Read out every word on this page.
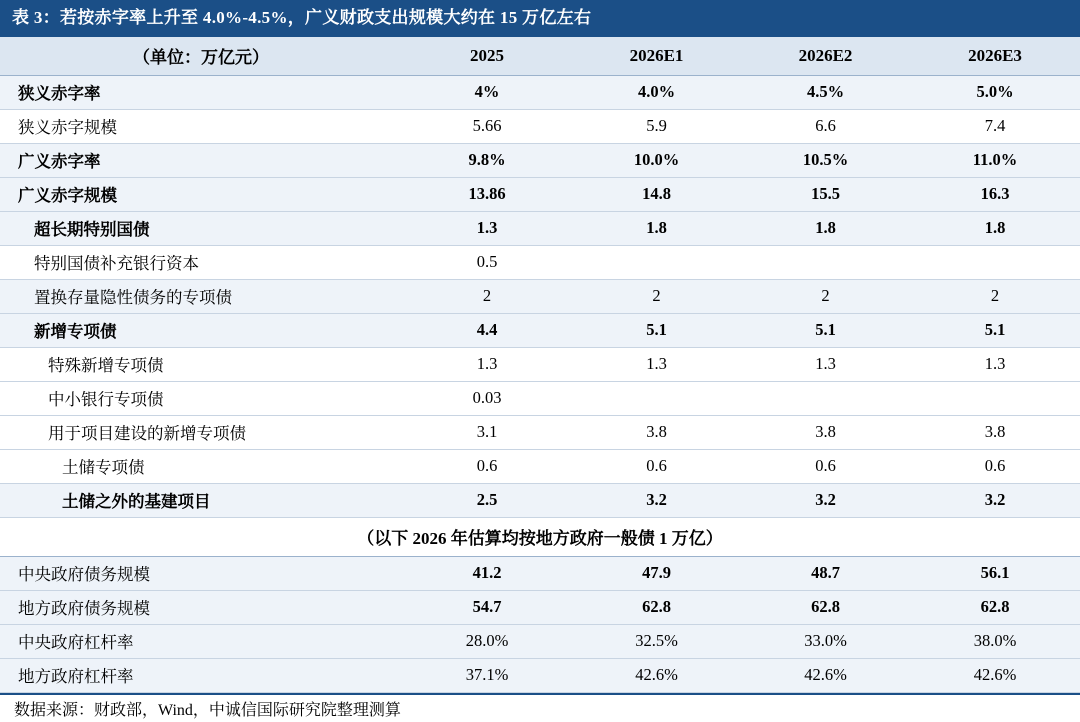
表 3：若按赤字率上升至 4.0%-4.5%，广义财政支出规模大约在 15 万亿左右
（单位：万亿元）	2025	2026E1	2026E2	2026E3
狭义赤字率	4%	4.0%	4.5%	5.0%
狭义赤字规模	5.66	5.9	6.6	7.4
广义赤字率	9.8%	10.0%	10.5%	11.0%
广义赤字规模	13.86	14.8	15.5	16.3
超长期特别国债	1.3	1.8	1.8	1.8
特别国债补充银行资本	0.5			
置换存量隐性债务的专项债	2	2	2	2
新增专项债	4.4	5.1	5.1	5.1
特殊新增专项债	1.3	1.3	1.3	1.3
中小银行专项债	0.03			
用于项目建设的新增专项债	3.1	3.8	3.8	3.8
土储专项债	0.6	0.6	0.6	0.6
土储之外的基建项目	2.5	3.2	3.2	3.2
（以下 2026 年估算均按地方政府一般债 1 万亿）				
中央政府债务规模	41.2	47.9	48.7	56.1
地方政府债务规模	54.7	62.8	62.8	62.8
中央政府杠杆率	28.0%	32.5%	33.0%	38.0%
地方政府杠杆率	37.1%	42.6%	42.6%	42.6%
数据来源：财政部，Wind，中诚信国际研究院整理测算
